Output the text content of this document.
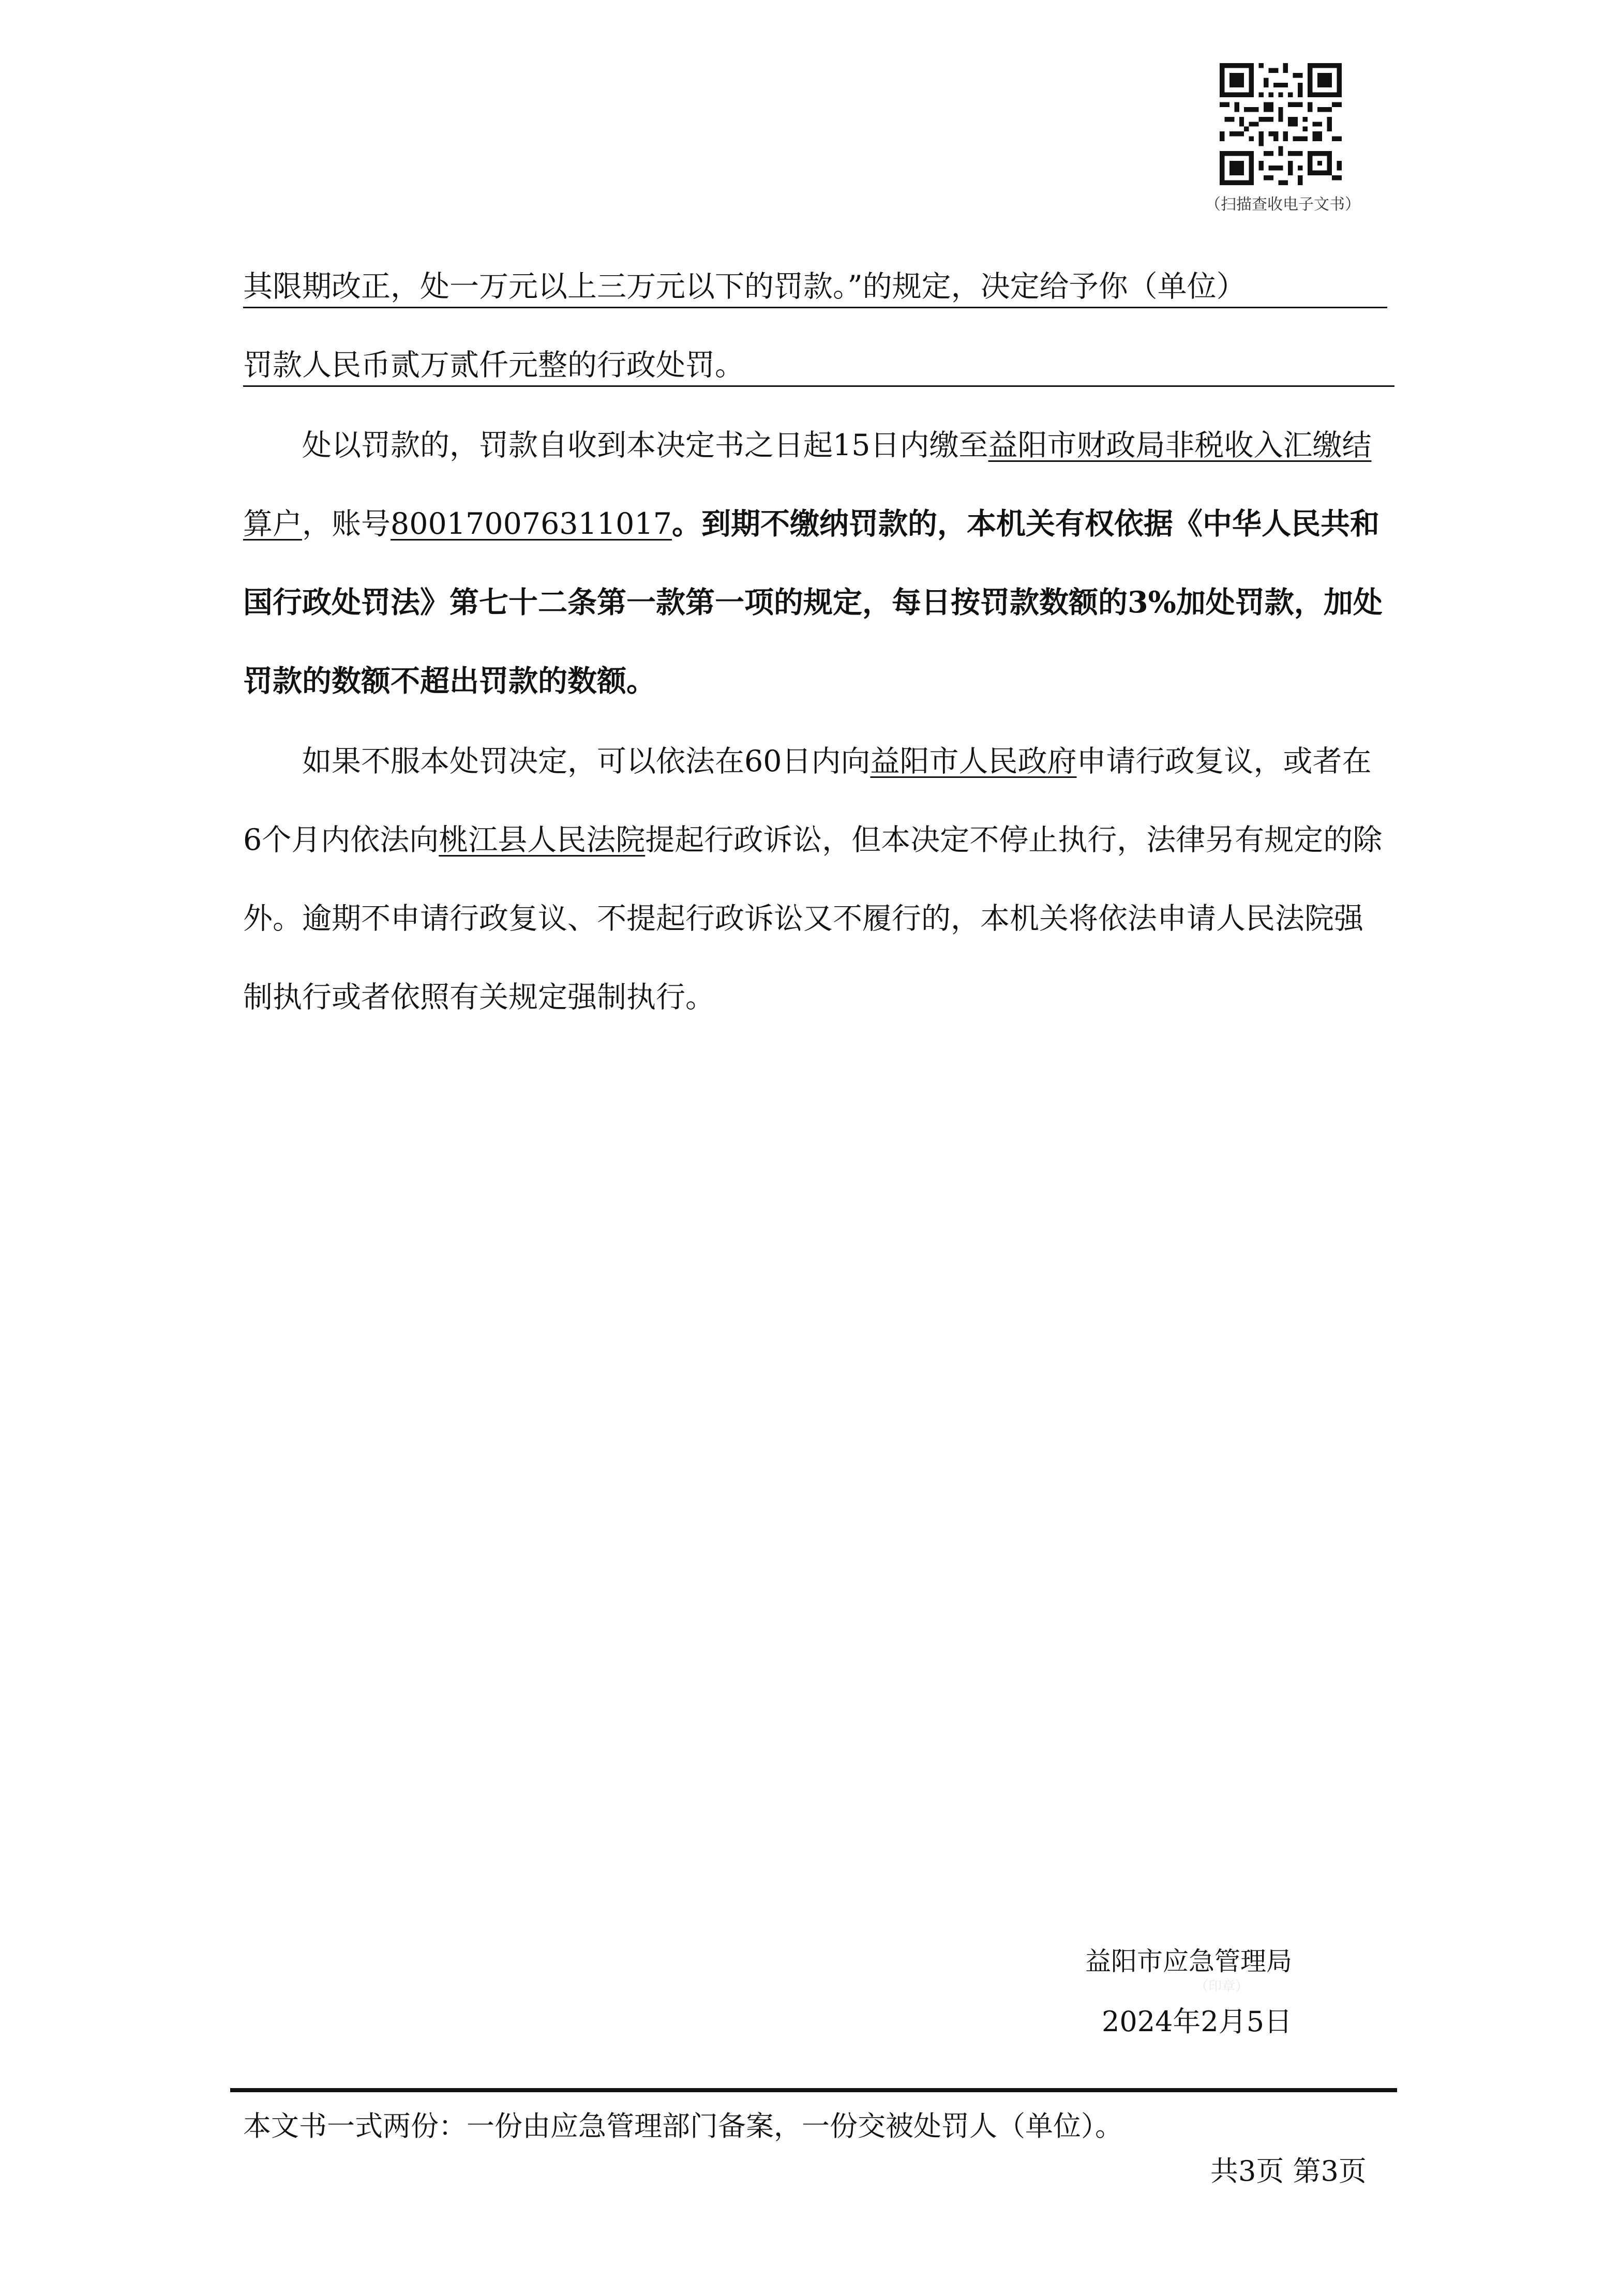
（扫描查收电子文书）
其限期改正，处一万元以上三万元以下的罚款。”的规定，决定给予你（单位）
罚款人民币贰万贰仟元整的行政处罚。
处以罚款的，罚款自收到本决定书之日起15日内缴至益阳市财政局非税收入汇缴结算户，账号800170076311017。到期不缴纳罚款的，本机关有权依据《中华人民共和国行政处罚法》第七十二条第一款第一项的规定，每日按罚款数额的3%加处罚款，加处罚款的数额不超出罚款的数额。
如果不服本处罚决定，可以依法在60日内向益阳市人民政府申请行政复议，或者在6个月内依法向桃江县人民法院提起行政诉讼，但本决定不停止执行，法律另有规定的除外。逾期不申请行政复议、不提起行政诉讼又不履行的，本机关将依法申请人民法院强制执行或者依照有关规定强制执行。
益阳市应急管理局
（印章）
2024年2月5日
本文书一式两份：一份由应急管理部门备案，一份交被处罚人（单位）。
共3页 第3页
